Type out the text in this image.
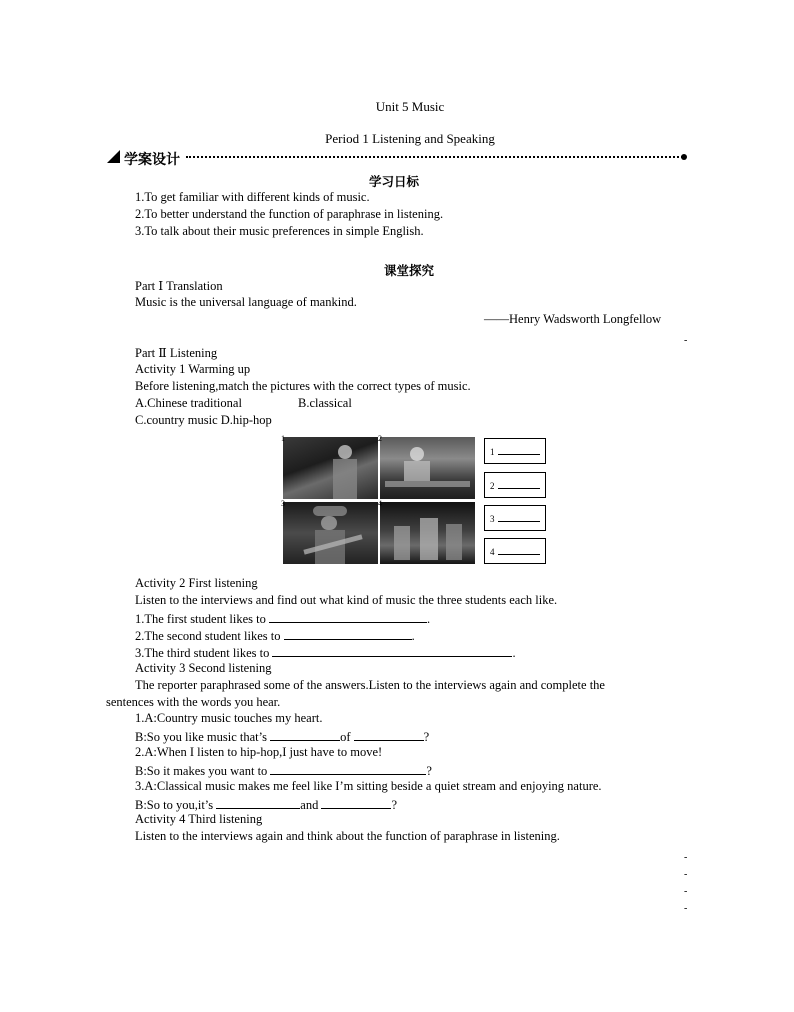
Unit 5 Music
Period 1 Listening and Speaking
学案设计
学习日标
1.To get familiar with different kinds of music.
2.To better understand the function of paraphrase in listening.
3.To talk about their music preferences in simple English.
课堂探究
Part Ⅰ Translation
Music is the universal language of mankind.
——Henry Wadsworth Longfellow
-
Part Ⅱ Listening
Activity 1 Warming up
Before listening,match the pictures with the correct types of music.
A.Chinese traditional	B.classical
C.country music D.hip-hop
1	2
3	4
1
2
3
4
Activity 2 First listening
Listen to the interviews and find out what kind of music the three students each like.
1.The first student likes to	.
2.The second student likes to	.
3.The third student likes to	.
Activity 3 Second listening
The reporter paraphrased some of the answers.Listen to the interviews again and complete the
sentences with the words you hear.
1.A:Country music touches my heart.
B:So you like music that’s	of	?
2.A:When I listen to hip-hop,I just have to move!
B:So it makes you want to	?
3.A:Classical music makes me feel like I’m sitting beside a quiet stream and enjoying nature.
B:So to you,it’s	and	?
Activity 4 Third listening
Listen to the interviews again and think about the function of paraphrase in listening.
-
-
-
-
